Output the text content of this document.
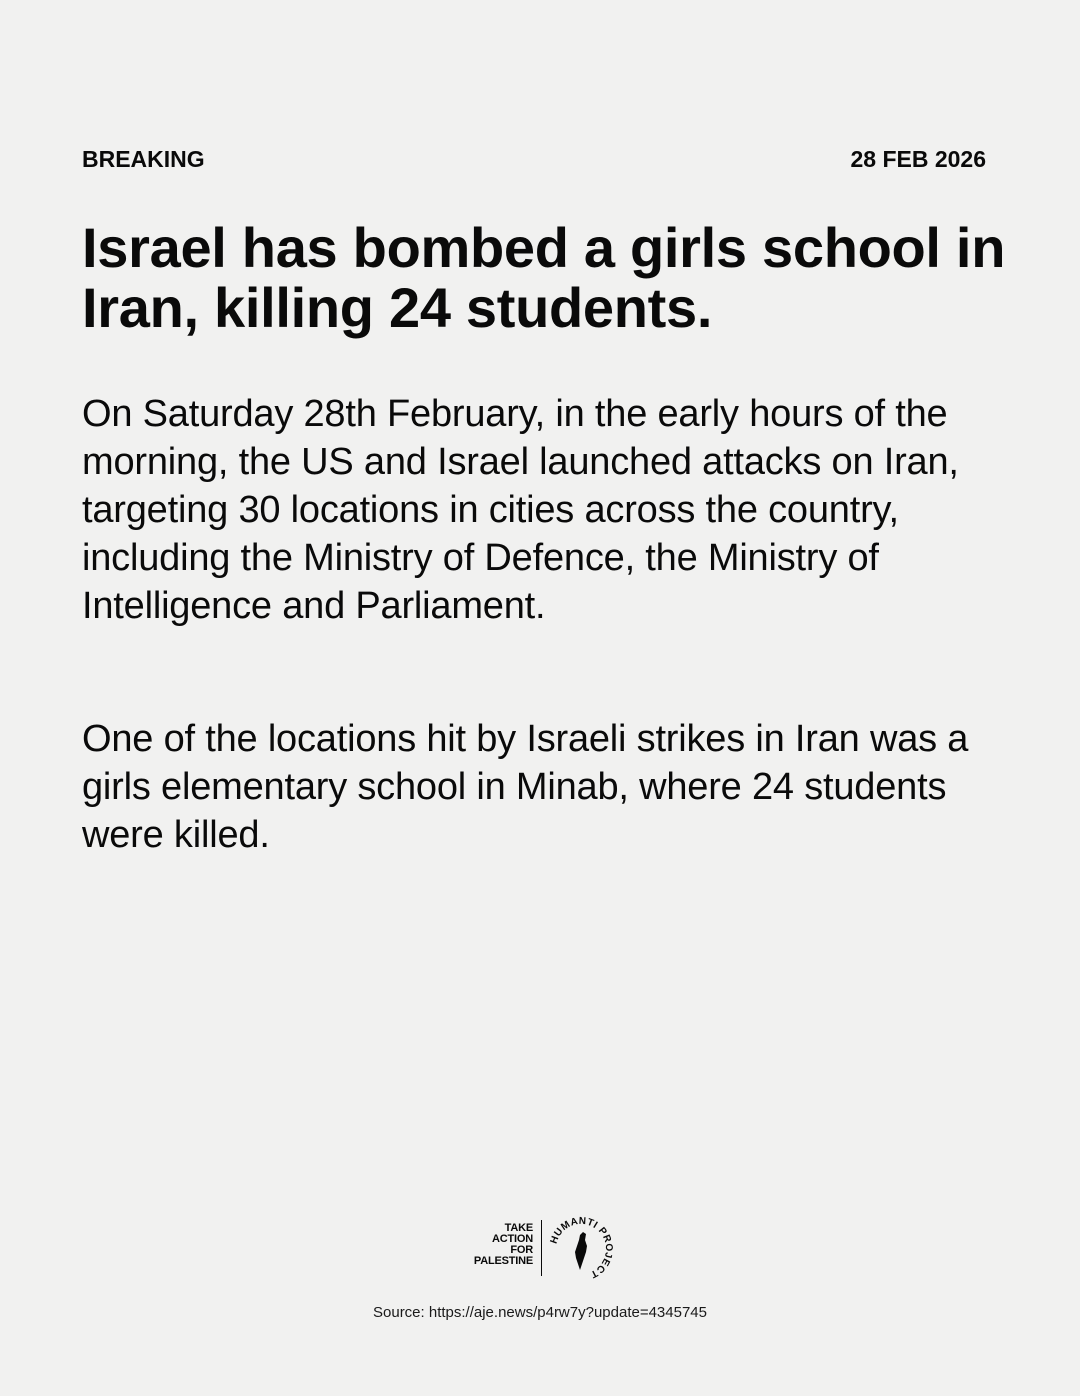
BREAKING	28 FEB 2026
Israel has bombed a girls school in Iran, killing 24 students.

On Saturday 28th February, in the early hours of the morning, the US and Israel launched attacks on Iran, targeting 30 locations in cities across the country, including the Ministry of Defence, the Ministry of Intelligence and Parliament.

One of the locations hit by Israeli strikes in Iran was a girls elementary school in Minab, where 24 students were killed.

TAKE
ACTION
FOR
PALESTINE
HUMANTI PROJECT
Source: https://aje.news/p4rw7y?update=4345745
